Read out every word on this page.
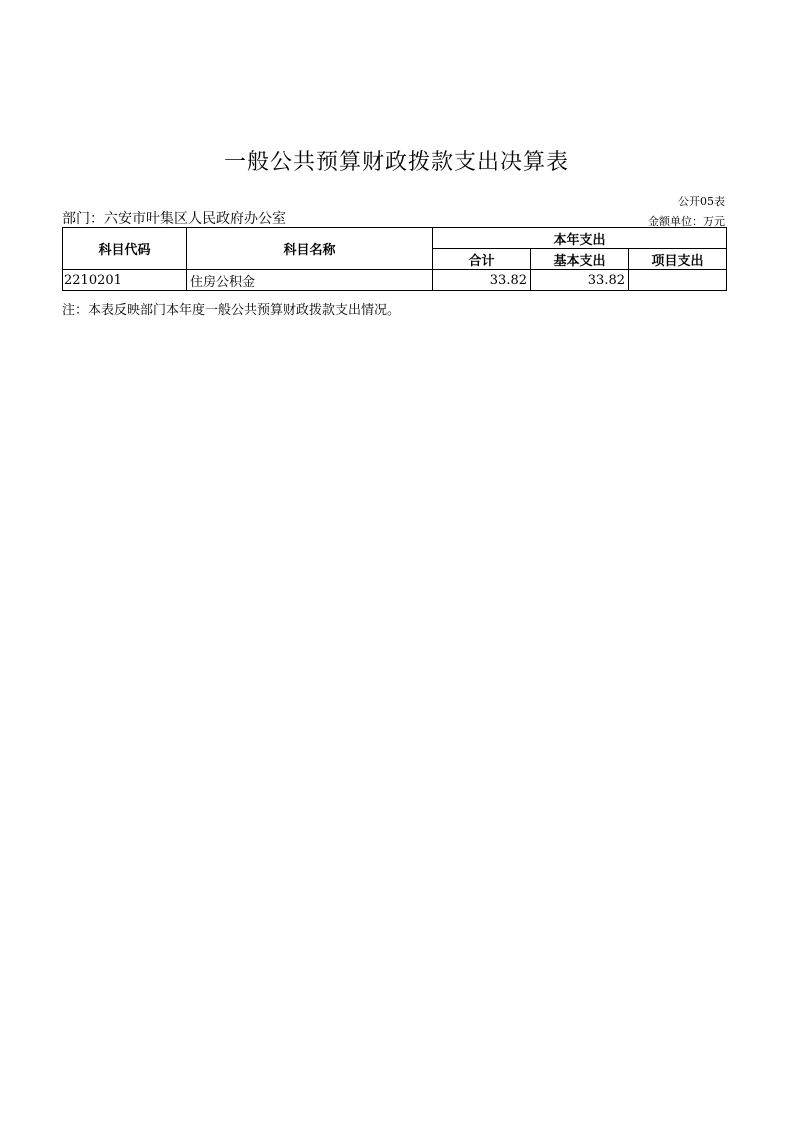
一般公共预算财政拨款支出决算表
公开05表
部门：六安市叶集区人民政府办公室	金额单位：万元
科目代码	科目名称	本年支出		
		合计	基本支出	项目支出
2210201	住房公积金	33.82	33.82	
注：本表反映部门本年度一般公共预算财政拨款支出情况。
